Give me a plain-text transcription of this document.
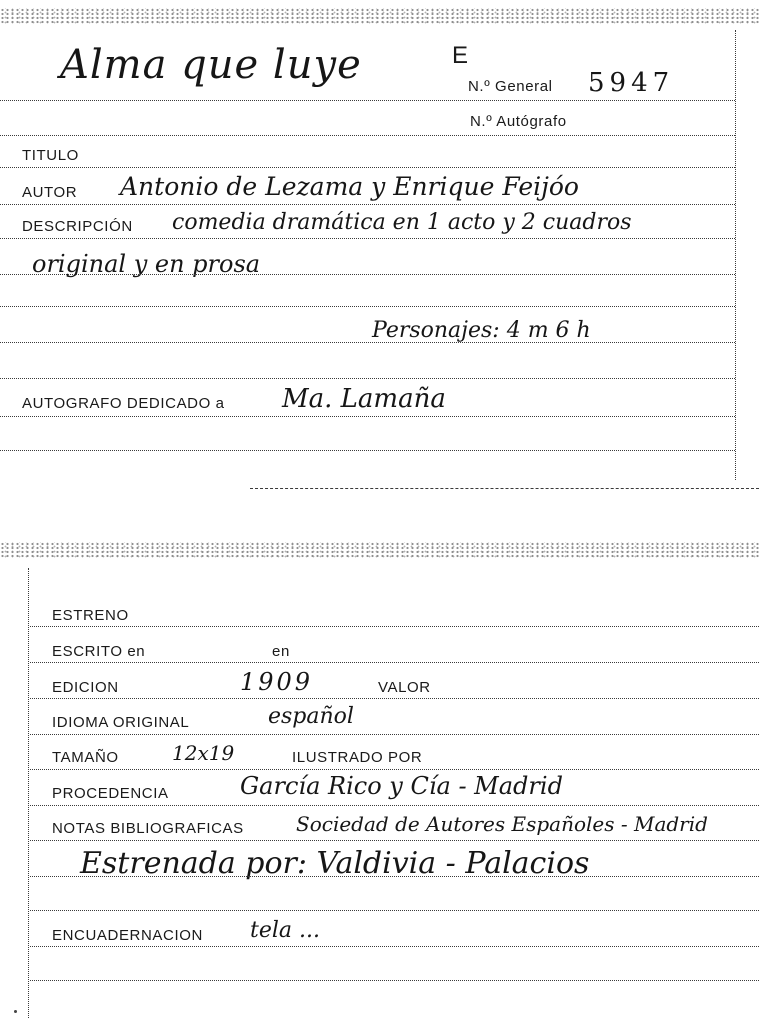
Alma que luye	E
N.º General 5947
N.º Autógrafo
TITULO
AUTOR Antonio de Lezama y Enrique Feijóo
DESCRIPCIÓN comedia dramática en 1 acto y 2 cuadros
original y en prosa
Personajes: 4 m 6 h
AUTOGRAFO DEDICADO a Ma. Lamaña
ESTRENO
ESCRITO en	en
EDICION	1909	VALOR
IDIOMA ORIGINAL	español
TAMAÑO	12x19	ILUSTRADO POR
PROCEDENCIA	García Rico y Cía - Madrid
NOTAS BIBLIOGRAFICAS	Sociedad de Autores Españoles - Madrid
Estrenada por: Valdivia - Palacios
ENCUADERNACION tela ...
